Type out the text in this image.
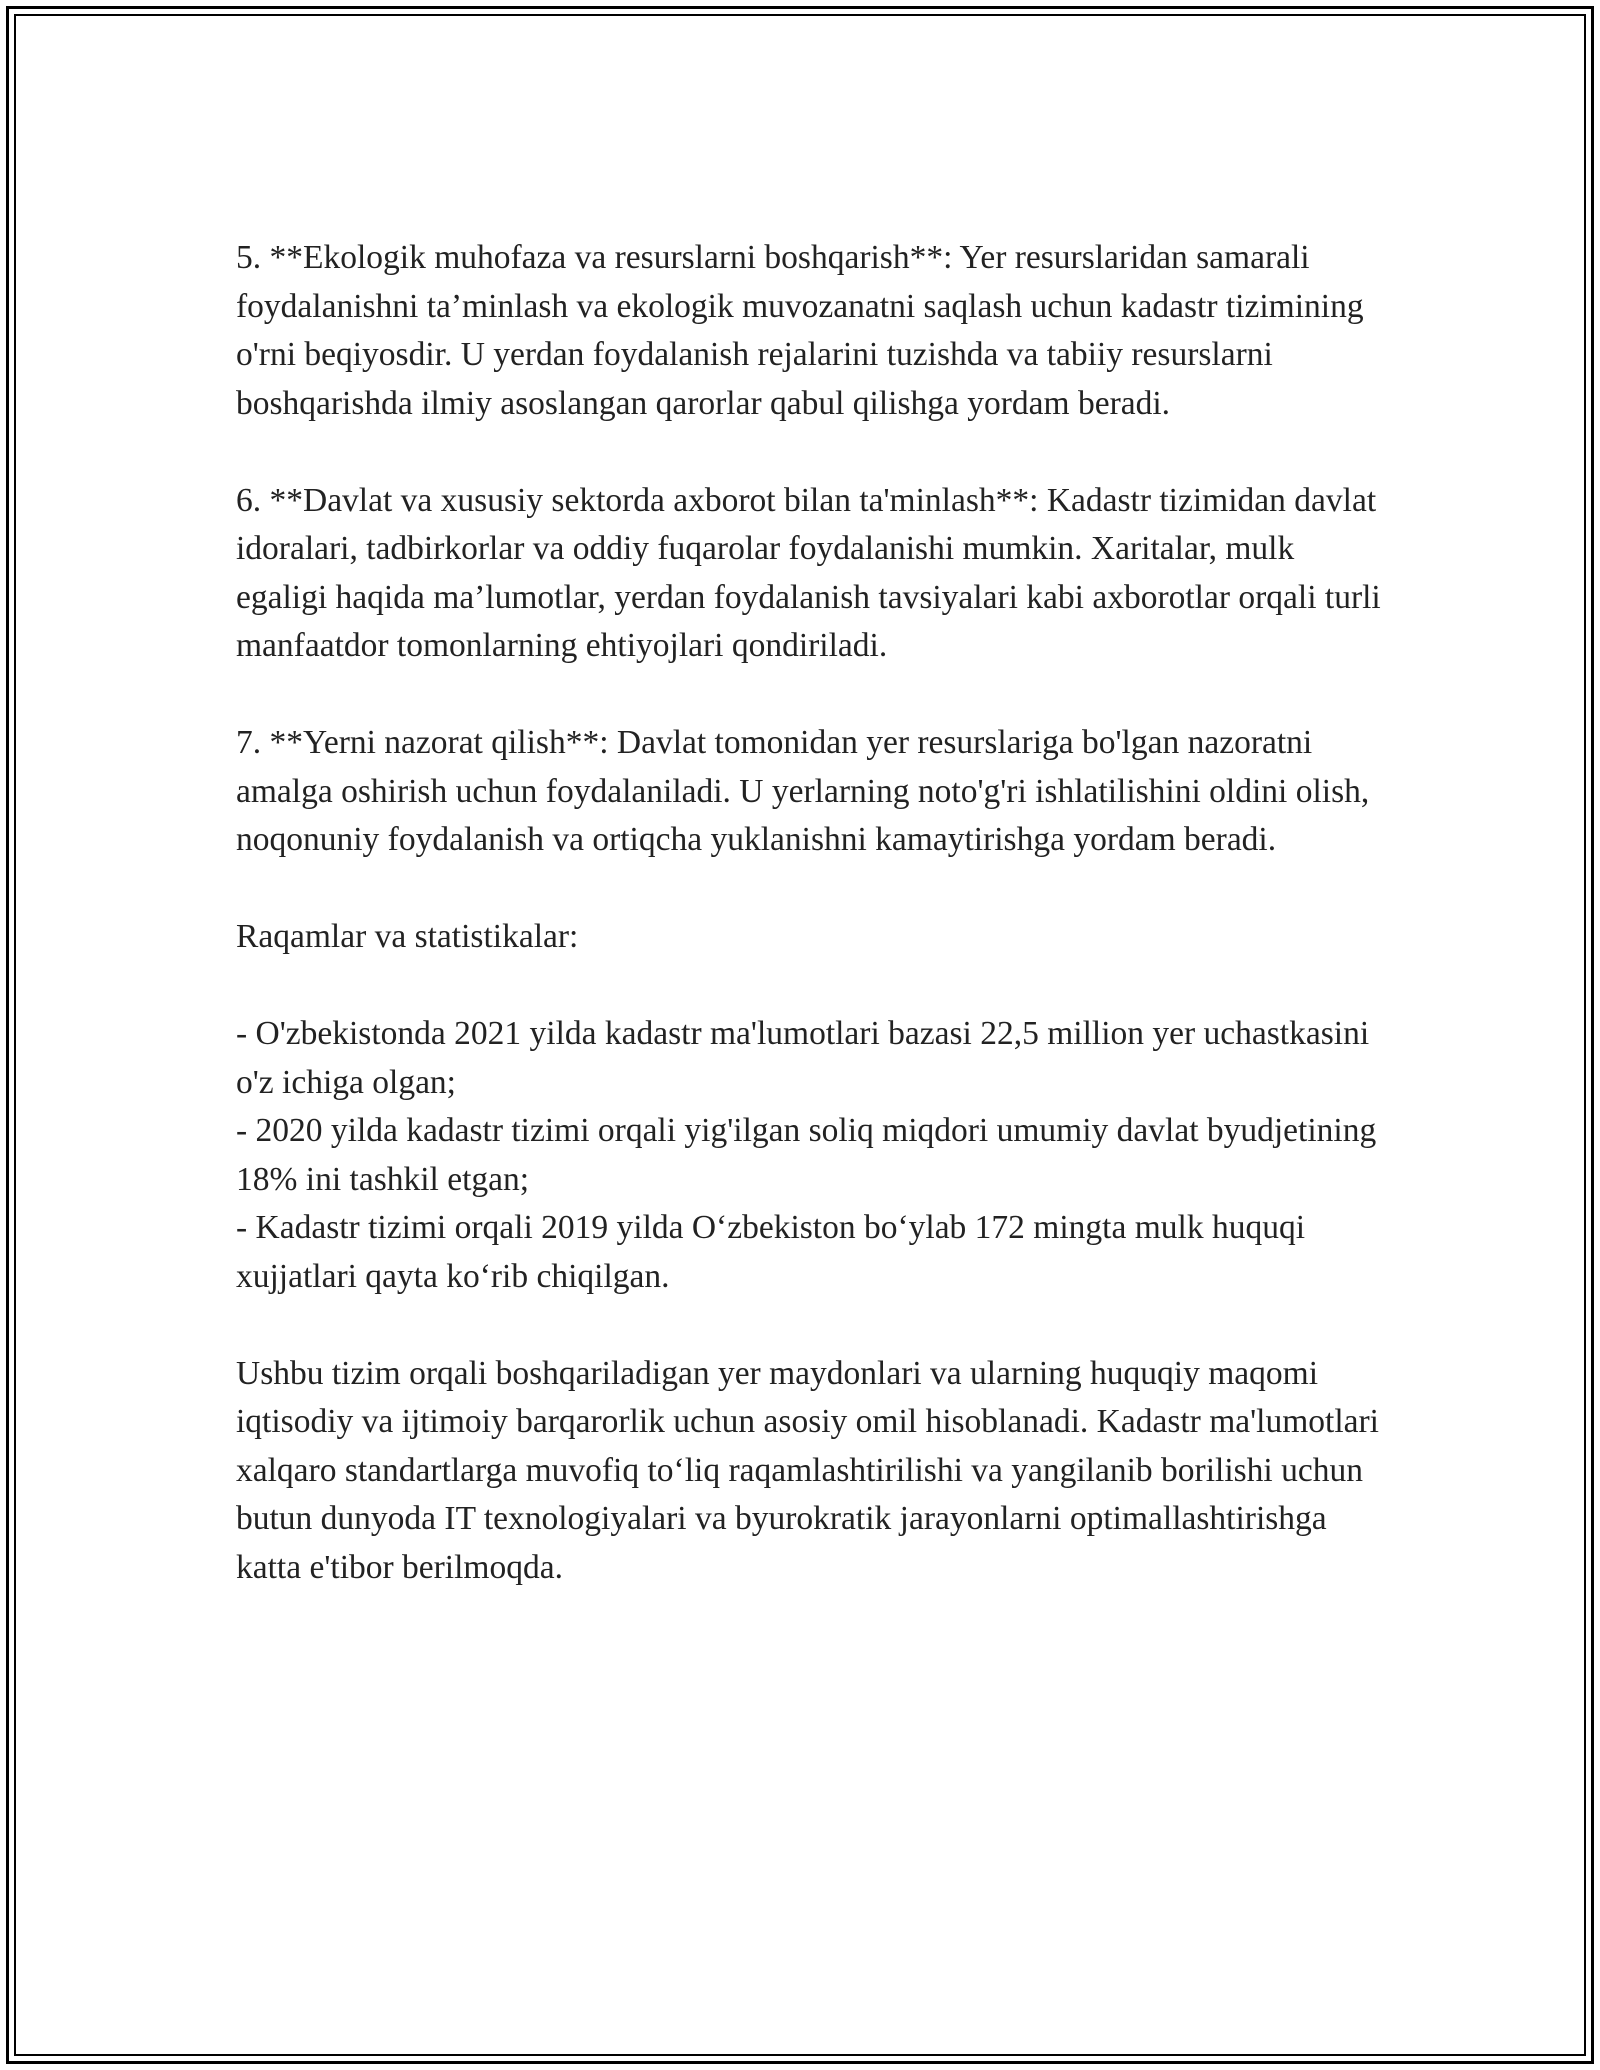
5. **Ekologik muhofaza va resurslarni boshqarish**: Yer resurslaridan samarali foydalanishni ta’minlash va ekologik muvozanatni saqlash uchun kadastr tizimining o'rni beqiyosdir. U yerdan foydalanish rejalarini tuzishda va tabiiy resurslarni boshqarishda ilmiy asoslangan qarorlar qabul qilishga yordam beradi.

6. **Davlat va xususiy sektorda axborot bilan ta'minlash**: Kadastr tizimidan davlat idoralari, tadbirkorlar va oddiy fuqarolar foydalanishi mumkin. Xaritalar, mulk egaligi haqida ma’lumotlar, yerdan foydalanish tavsiyalari kabi axborotlar orqali turli manfaatdor tomonlarning ehtiyojlari qondiriladi.

7. **Yerni nazorat qilish**: Davlat tomonidan yer resurslariga bo'lgan nazoratni amalga oshirish uchun foydalaniladi. U yerlarning noto'g'ri ishlatilishini oldini olish, noqonuniy foydalanish va ortiqcha yuklanishni kamaytirishga yordam beradi.

Raqamlar va statistikalar:

- O'zbekistonda 2021 yilda kadastr ma'lumotlari bazasi 22,5 million yer uchastkasini o'z ichiga olgan;

- 2020 yilda kadastr tizimi orqali yig'ilgan soliq miqdori umumiy davlat byudjetining 18% ini tashkil etgan;

- Kadastr tizimi orqali 2019 yilda O‘zbekiston bo‘ylab 172 mingta mulk huquqi xujjatlari qayta ko‘rib chiqilgan.

Ushbu tizim orqali boshqariladigan yer maydonlari va ularning huquqiy maqomi iqtisodiy va ijtimoiy barqarorlik uchun asosiy omil hisoblanadi. Kadastr ma'lumotlari xalqaro standartlarga muvofiq to‘liq raqamlashtirilishi va yangilanib borilishi uchun butun dunyoda IT texnologiyalari va byurokratik jarayonlarni optimallashtirishga katta e'tibor berilmoqda.
